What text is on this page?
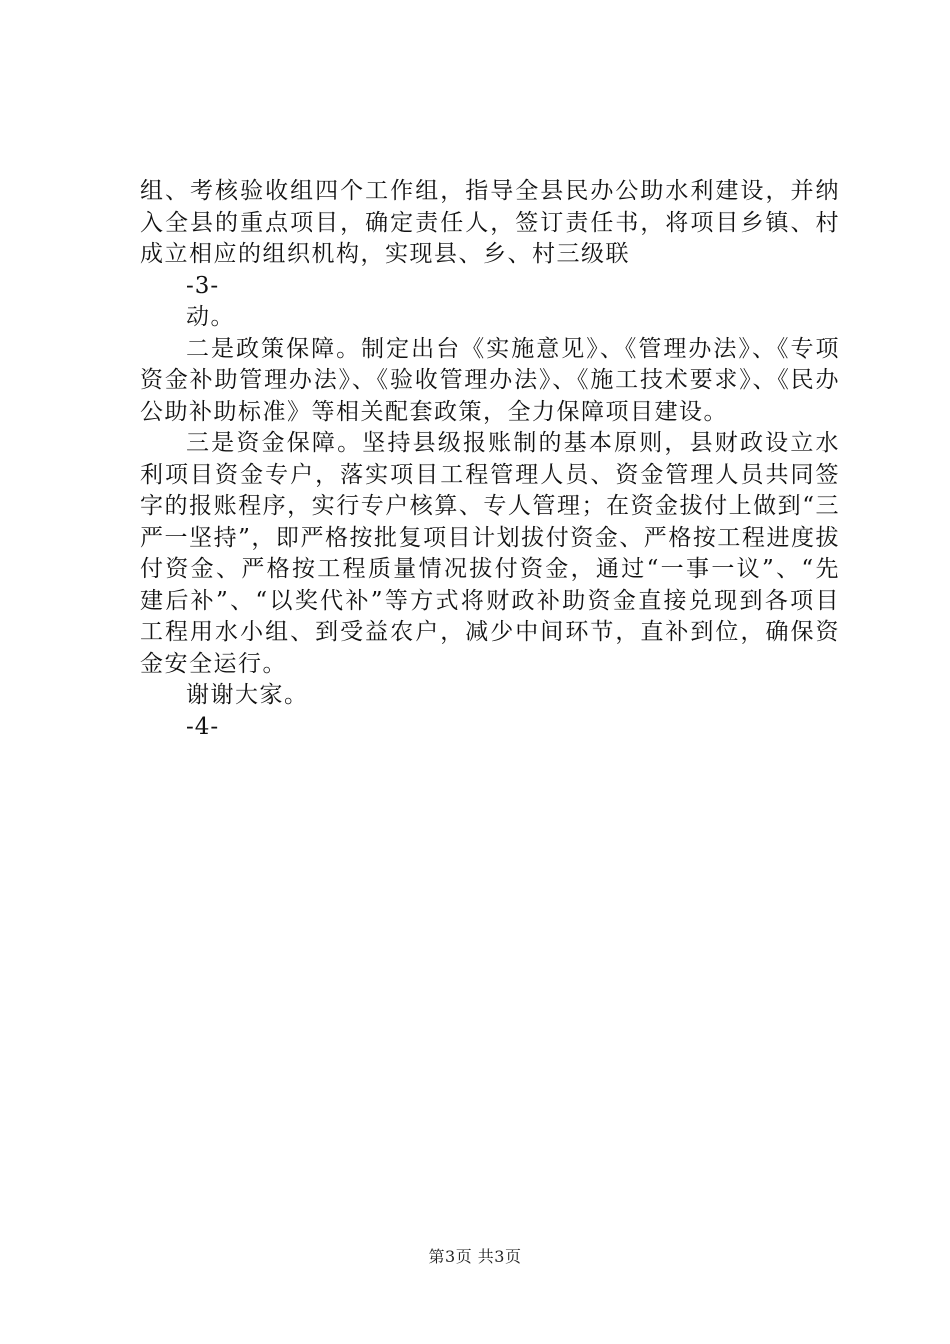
组、考核验收组四个工作组，指导全县民办公助水利建设，并纳入全县的重点项目，确定责任人，签订责任书，将项目乡镇、村成立相应的组织机构，实现县、乡、村三级联

-3-

动。

二是政策保障。制定出台《实施意见》、《管理办法》、《专项资金补助管理办法》、《验收管理办法》、《施工技术要求》、《民办公助补助标准》等相关配套政策，全力保障项目建设。

三是资金保障。坚持县级报账制的基本原则，县财政设立水利项目资金专户，落实项目工程管理人员、资金管理人员共同签字的报账程序，实行专户核算、专人管理；在资金拔付上做到“三严一坚持”，即严格按批复项目计划拔付资金、严格按工程进度拔付资金、严格按工程质量情况拔付资金，通过“一事一议”、“先建后补”、“以奖代补”等方式将财政补助资金直接兑现到各项目工程用水小组、到受益农户，减少中间环节，直补到位，确保资金安全运行。

谢谢大家。

-4-

第3页 共3页
